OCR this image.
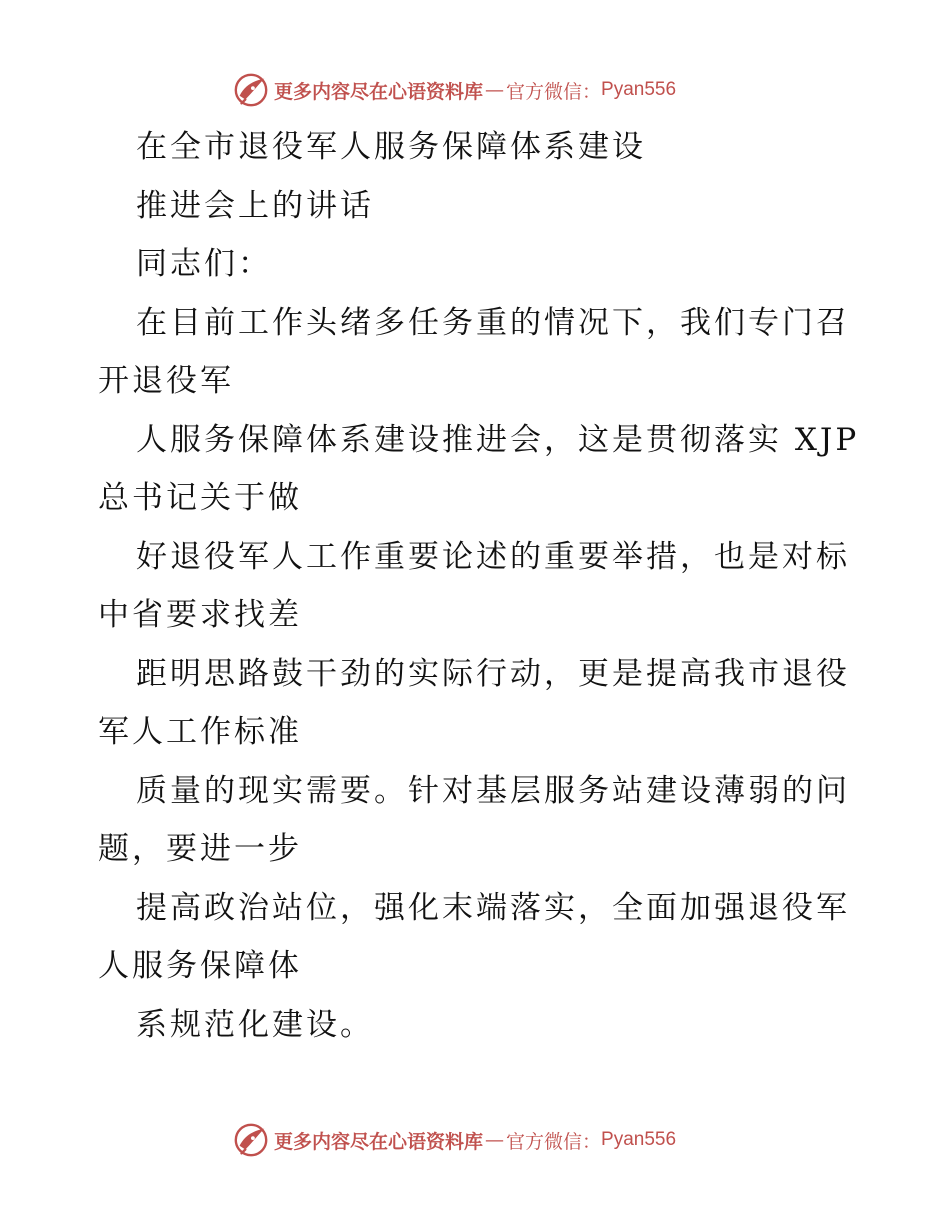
更多内容尽在心语资料库 — 官方微信： Pyan556
在全市退役军人服务保障体系建设
推进会上的讲话
同志们：
在目前工作头绪多任务重的情况下，我们专门召
开退役军
人服务保障体系建设推进会，这是贯彻落实 XJP
总书记关于做
好退役军人工作重要论述的重要举措，也是对标
中省要求找差
距明思路鼓干劲的实际行动，更是提高我市退役
军人工作标准
质量的现实需要。针对基层服务站建设薄弱的问
题，要进一步
提高政治站位，强化末端落实，全面加强退役军
人服务保障体
系规范化建设。
更多内容尽在心语资料库 — 官方微信： Pyan556
